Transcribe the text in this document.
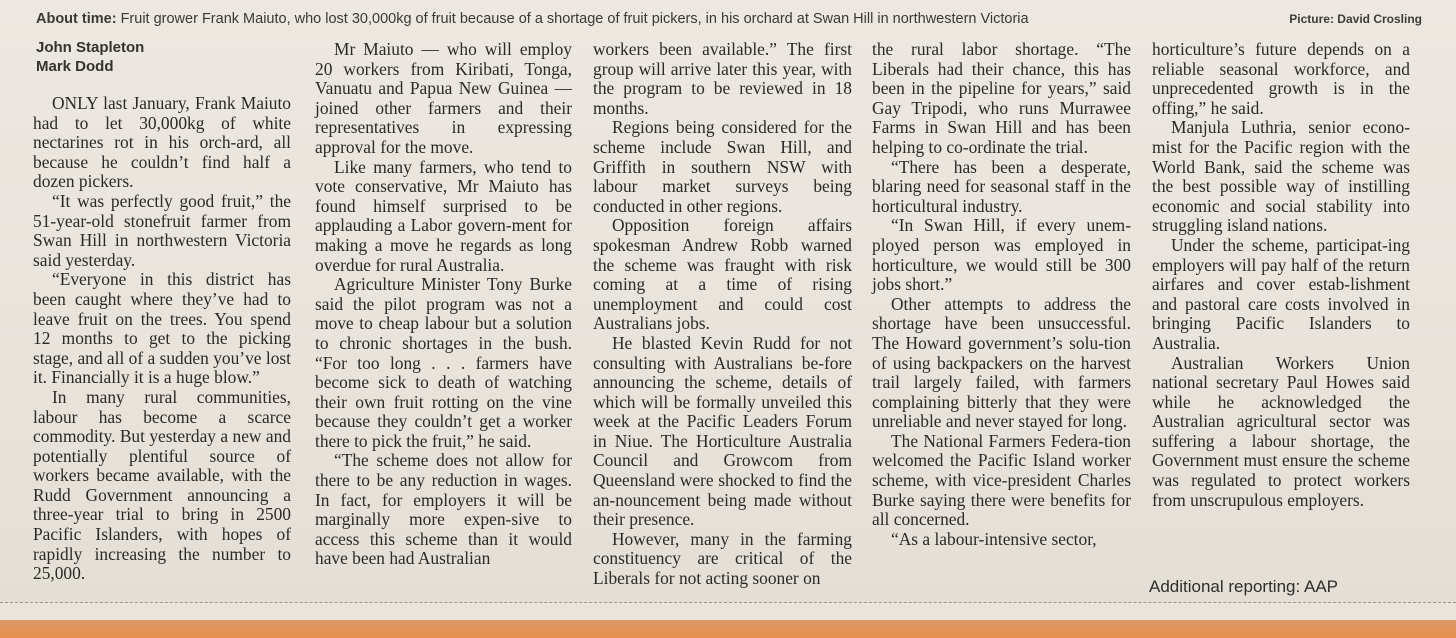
About time: Fruit grower Frank Maiuto, who lost 30,000kg of fruit because of a shortage of fruit pickers, in his orchard at Swan Hill in northwestern Victoria	Picture: David Crosling
John Stapleton
Mark Dodd

ONLY last January, Frank Maiuto had to let 30,000kg of white nectarines rot in his orch-ard, all because he couldn’t find half a dozen pickers.

“It was perfectly good fruit,” the 51-year-old stonefruit farmer from Swan Hill in northwestern Victoria said yesterday.

“Everyone in this district has been caught where they’ve had to leave fruit on the trees. You spend 12 months to get to the picking stage, and all of a sudden you’ve lost it. Financially it is a huge blow.”

In many rural communities, labour has become a scarce commodity. But yesterday a new and potentially plentiful source of workers became available, with the Rudd Government announcing a three-year trial to bring in 2500 Pacific Islanders, with hopes of rapidly increasing the number to 25,000.

Mr Maiuto — who will employ 20 workers from Kiribati, Tonga, Vanuatu and Papua New Guinea — joined other farmers and their representatives in expressing approval for the move.

Like many farmers, who tend to vote conservative, Mr Maiuto has found himself surprised to be applauding a Labor govern-ment for making a move he regards as long overdue for rural Australia.

Agriculture Minister Tony Burke said the pilot program was not a move to cheap labour but a solution to chronic shortages in the bush. “For too long . . . farmers have become sick to death of watching their own fruit rotting on the vine because they couldn’t get a worker there to pick the fruit,” he said.

“The scheme does not allow for there to be any reduction in wages. In fact, for employers it will be marginally more expen-sive to access this scheme than it would have been had Australian

workers been available.” The first group will arrive later this year, with the program to be reviewed in 18 months.

Regions being considered for the scheme include Swan Hill, and Griffith in southern NSW with labour market surveys being conducted in other regions.

Opposition foreign affairs spokesman Andrew Robb warned the scheme was fraught with risk coming at a time of rising unemployment and could cost Australians jobs.

He blasted Kevin Rudd for not consulting with Australians be-fore announcing the scheme, details of which will be formally unveiled this week at the Pacific Leaders Forum in Niue. The Horticulture Australia Council and Growcom from Queensland were shocked to find the an-nouncement being made without their presence.

However, many in the farming constituency are critical of the Liberals for not acting sooner on

the rural labor shortage. “The Liberals had their chance, this has been in the pipeline for years,” said Gay Tripodi, who runs Murrawee Farms in Swan Hill and has been helping to co-ordinate the trial.

“There has been a desperate, blaring need for seasonal staff in the horticultural industry.

“In Swan Hill, if every unem-ployed person was employed in horticulture, we would still be 300 jobs short.”

Other attempts to address the shortage have been unsuccessful. The Howard government’s solu-tion of using backpackers on the harvest trail largely failed, with farmers complaining bitterly that they were unreliable and never stayed for long.

The National Farmers Federa-tion welcomed the Pacific Island worker scheme, with vice-president Charles Burke saying there were benefits for all concerned.

“As a labour-intensive sector,

horticulture’s future depends on a reliable seasonal workforce, and unprecedented growth is in the offing,” he said.

Manjula Luthria, senior econo-mist for the Pacific region with the World Bank, said the scheme was the best possible way of instilling economic and social stability into struggling island nations.

Under the scheme, participat-ing employers will pay half of the return airfares and cover estab-lishment and pastoral care costs involved in bringing Pacific Islanders to Australia.

Australian Workers Union national secretary Paul Howes said while he acknowledged the Australian agricultural sector was suffering a labour shortage, the Government must ensure the scheme was regulated to protect workers from unscrupulous employers.

Additional reporting: AAP
